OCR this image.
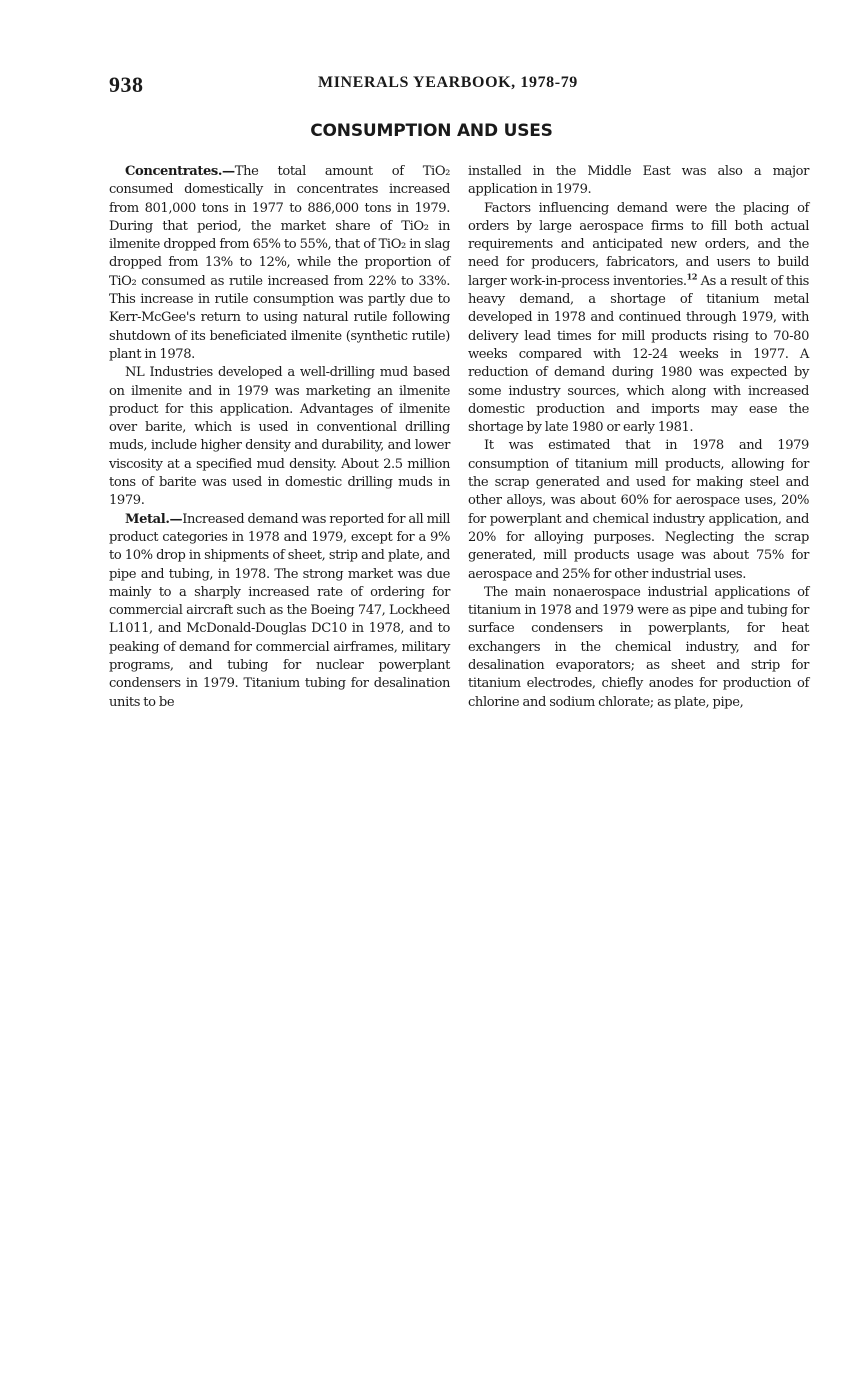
938	MINERALS YEARBOOK, 1978-79
CONSUMPTION AND USES

Concentrates.—The total amount of TiO₂ consumed domestically in concentrates increased from 801,000 tons in 1977 to 886,000 tons in 1979. During that period, the market share of TiO₂ in ilmenite dropped from 65% to 55%, that of TiO₂ in slag dropped from 13% to 12%, while the proportion of TiO₂ consumed as rutile increased from 22% to 33%. This increase in rutile consumption was partly due to Kerr-McGee's return to using natural rutile following shutdown of its beneficiated ilmenite (synthetic rutile) plant in 1978.

NL Industries developed a well-drilling mud based on ilmenite and in 1979 was marketing an ilmenite product for this application. Advantages of ilmenite over barite, which is used in conventional drilling muds, include higher density and durability, and lower viscosity at a specified mud density. About 2.5 million tons of barite was used in domestic drilling muds in 1979.

Metal.—Increased demand was reported for all mill product categories in 1978 and 1979, except for a 9% to 10% drop in shipments of sheet, strip and plate, and pipe and tubing, in 1978. The strong market was due mainly to a sharply increased rate of ordering for commercial aircraft such as the Boeing 747, Lockheed L1011, and McDonald-Douglas DC10 in 1978, and to peaking of demand for commercial airframes, military programs, and tubing for nuclear powerplant condensers in 1979. Titanium tubing for desalination units to be

installed in the Middle East was also a major application in 1979.

Factors influencing demand were the placing of orders by large aerospace firms to fill both actual requirements and anticipated new orders, and the need for producers, fabricators, and users to build larger work-in-process inventories.$^{12}$ As a result of this heavy demand, a shortage of titanium metal developed in 1978 and continued through 1979, with delivery lead times for mill products rising to 70-80 weeks compared with 12-24 weeks in 1977. A reduction of demand during 1980 was expected by some industry sources, which along with increased domestic production and imports may ease the shortage by late 1980 or early 1981.

It was estimated that in 1978 and 1979 consumption of titanium mill products, allowing for the scrap generated and used for making steel and other alloys, was about 60% for aerospace uses, 20% for powerplant and chemical industry application, and 20% for alloying purposes. Neglecting the scrap generated, mill products usage was about 75% for aerospace and 25% for other industrial uses.

The main nonaerospace industrial applications of titanium in 1978 and 1979 were as pipe and tubing for surface condensers in powerplants, for heat exchangers in the chemical industry, and for desalination evaporators; as sheet and strip for titanium electrodes, chiefly anodes for production of chlorine and sodium chlorate; as plate, pipe,
